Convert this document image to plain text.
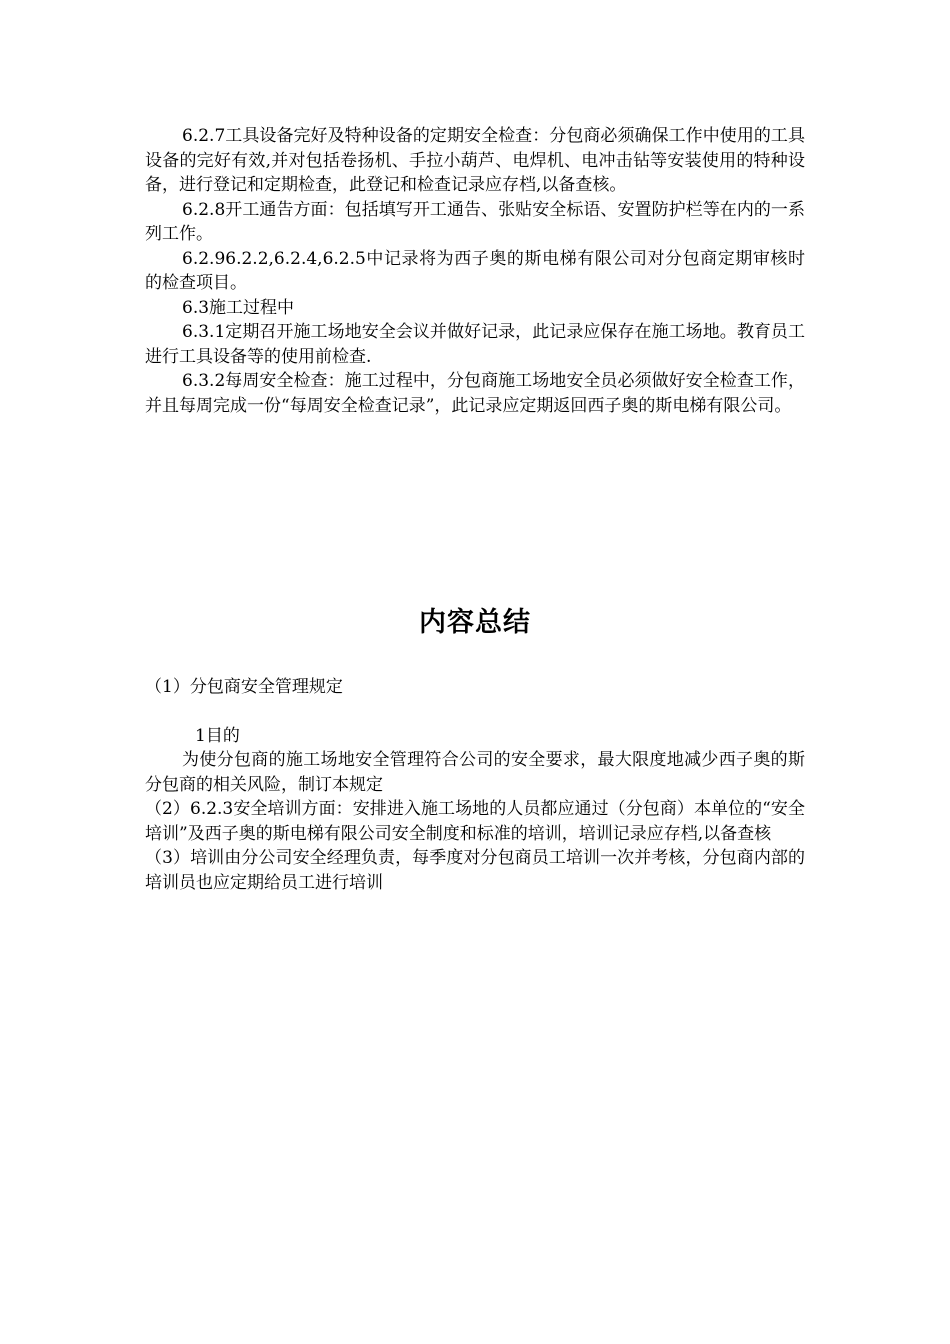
6.2.7工具设备完好及特种设备的定期安全检查：分包商必须确保工作中使用的工具设备的完好有效,并对包括卷扬机、手拉小葫芦、电焊机、电冲击钻等安装使用的特种设备，进行登记和定期检查，此登记和检查记录应存档,以备查核。

6.2.8开工通告方面：包括填写开工通告、张贴安全标语、安置防护栏等在内的一系列工作。

6.2.96.2.2,6.2.4,6.2.5中记录将为西子奥的斯电梯有限公司对分包商定期审核时的检查项目。

6.3施工过程中

6.3.1定期召开施工场地安全会议并做好记录，此记录应保存在施工场地。教育员工进行工具设备等的使用前检查.

6.3.2每周安全检查：施工过程中，分包商施工场地安全员必须做好安全检查工作，并且每周完成一份“每周安全检查记录”，此记录应定期返回西子奥的斯电梯有限公司。

内容总结

（1）分包商安全管理规定

1目的

为使分包商的施工场地安全管理符合公司的安全要求，最大限度地减少西子奥的斯分包商的相关风险，制订本规定

（2）6.2.3安全培训方面：安排进入施工场地的人员都应通过（分包商）本单位的“安全培训”及西子奥的斯电梯有限公司安全制度和标准的培训，培训记录应存档,以备查核

（3）培训由分公司安全经理负责，每季度对分包商员工培训一次并考核，分包商内部的培训员也应定期给员工进行培训
